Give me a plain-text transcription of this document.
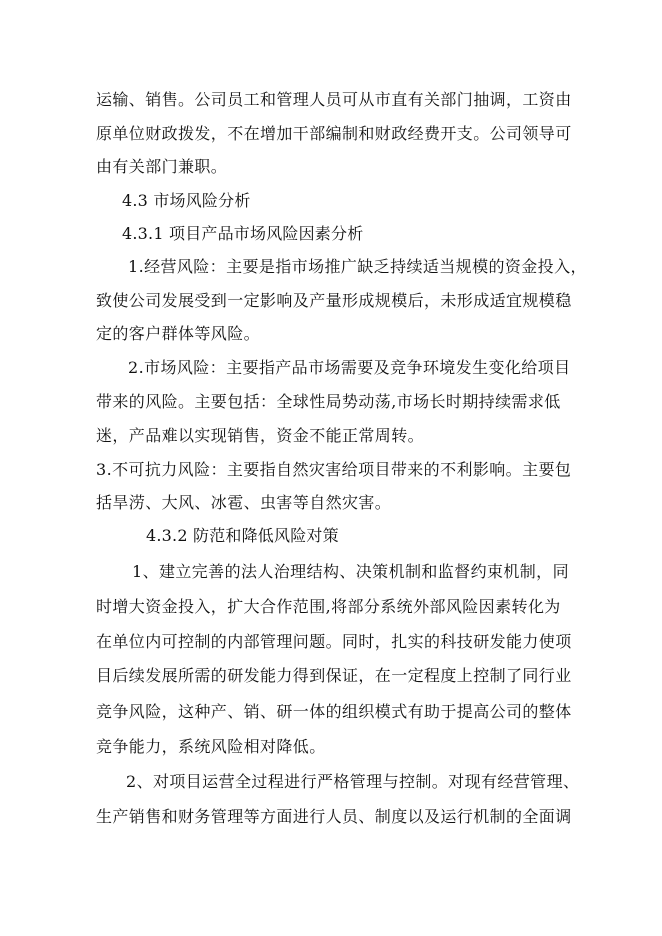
运输、销售。公司员工和管理人员可从市直有关部门抽调，工资由
原单位财政拨发，不在增加干部编制和财政经费开支。公司领导可
由有关部门兼职。
4.3 市场风险分析
4.3.1 项目产品市场风险因素分析
1.经营风险：主要是指市场推广缺乏持续适当规模的资金投入，
致使公司发展受到一定影响及产量形成规模后，未形成适宜规模稳
定的客户群体等风险。
2.市场风险：主要指产品市场需要及竞争环境发生变化给项目
带来的风险。主要包括：全球性局势动荡,市场长时期持续需求低
迷，产品难以实现销售，资金不能正常周转。
3.不可抗力风险：主要指自然灾害给项目带来的不利影响。主要包
括旱涝、大风、冰雹、虫害等自然灾害。
4.3.2 防范和降低风险对策
1、建立完善的法人治理结构、决策机制和监督约束机制，同
时增大资金投入，扩大合作范围,将部分系统外部风险因素转化为
在单位内可控制的内部管理问题。同时，扎实的科技研发能力使项
目后续发展所需的研发能力得到保证，在一定程度上控制了同行业
竞争风险，这种产、销、研一体的组织模式有助于提高公司的整体
竞争能力，系统风险相对降低。
2、对项目运营全过程进行严格管理与控制。对现有经营管理、
生产销售和财务管理等方面进行人员、制度以及运行机制的全面调
